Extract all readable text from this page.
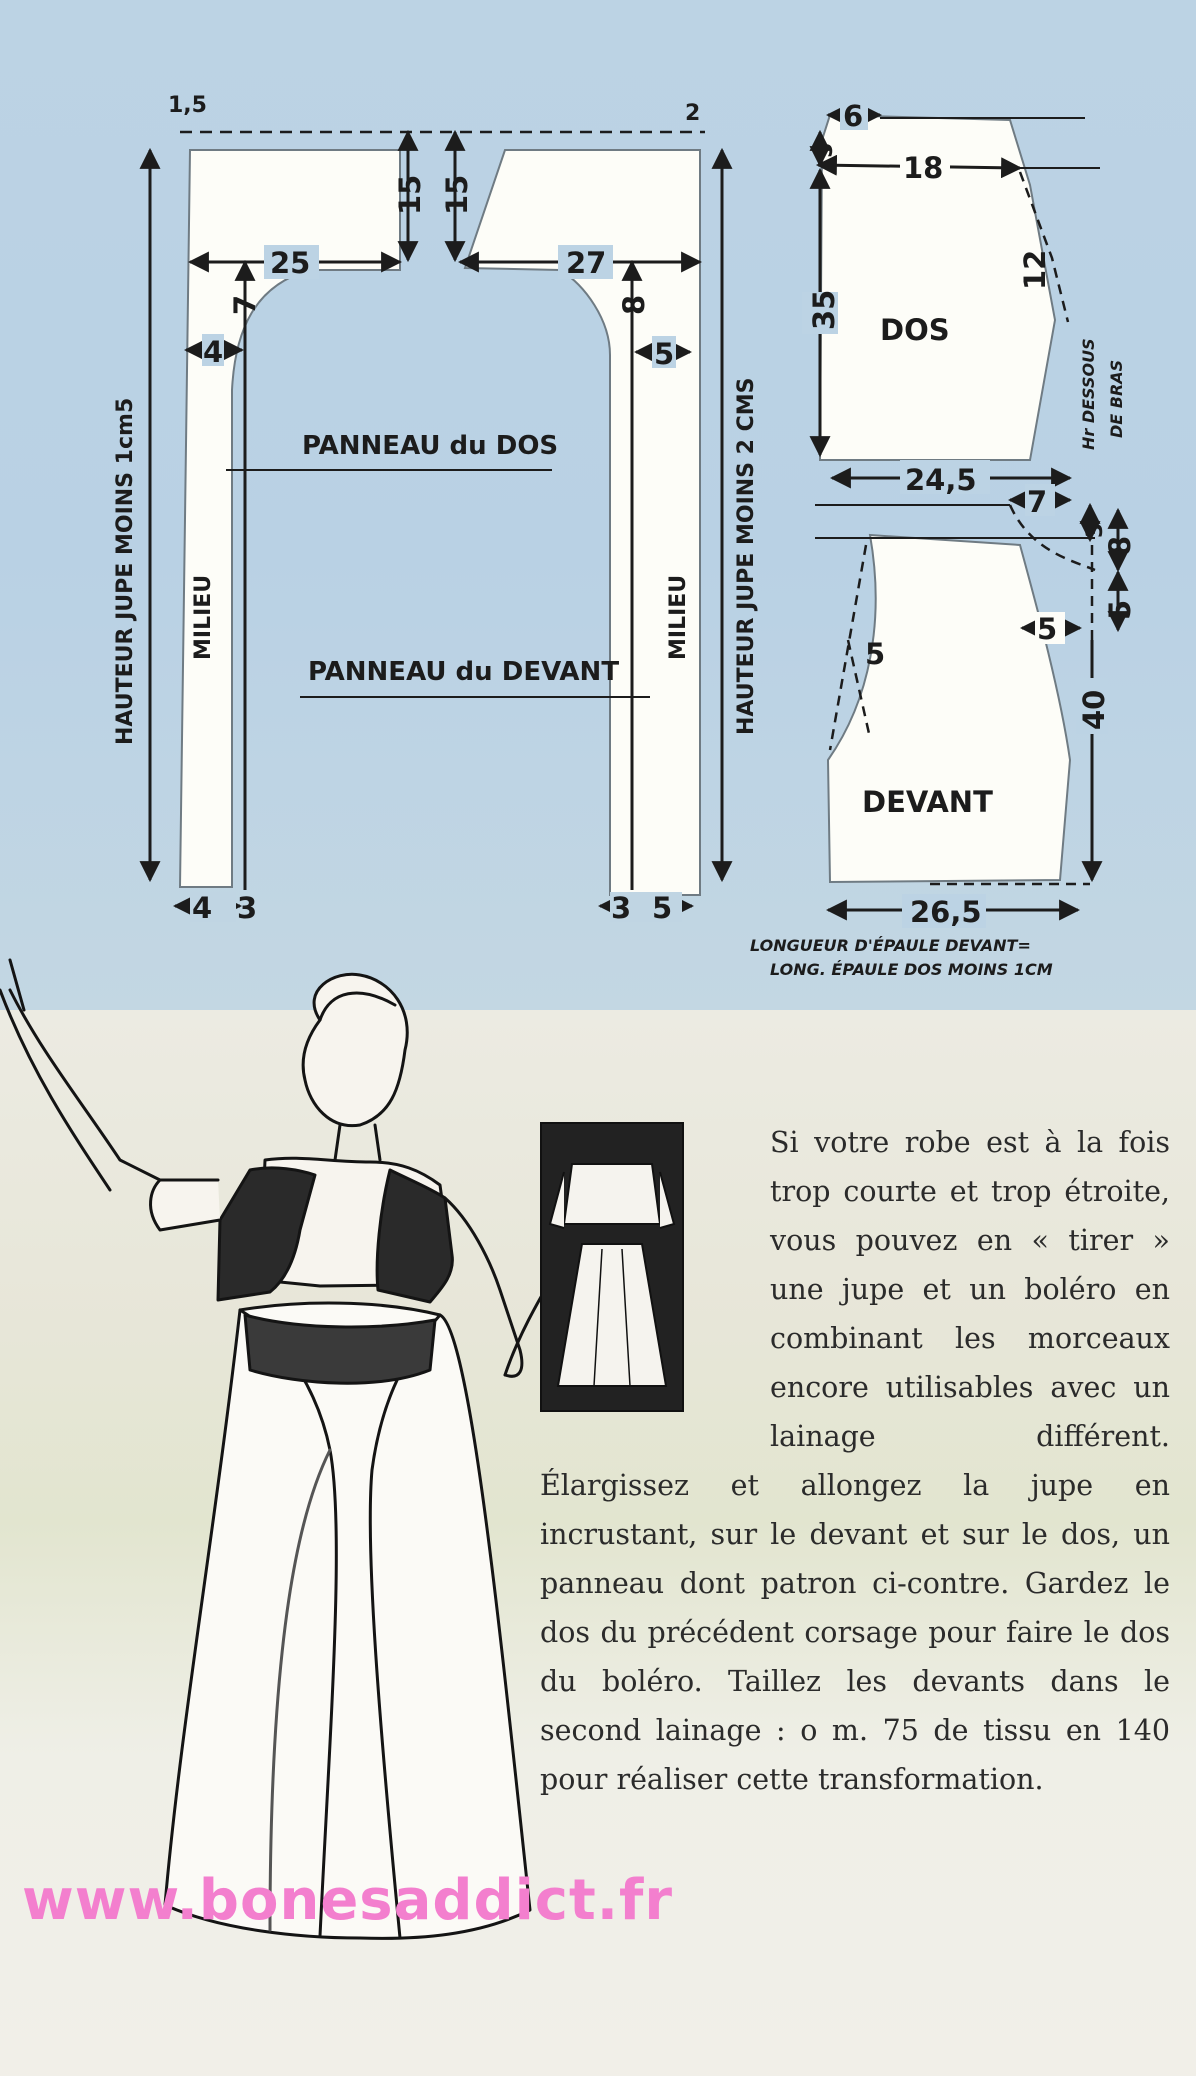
1,5	2
HAUTEUR JUPE MOINS 1cm5	HAUTEUR JUPE MOINS 2 CMS
15 15
25	27
7	8
4	5
PANNEAU du DOS
PANNEAU du DEVANT
MILIEU	MILIEU
4 3	3 5
6
18
5
35
12
DOS
Hr DESSOUS DE BRAS
24,5
7
3
8
5
5
5
40
DEVANT
26,5
LONGUEUR D'ÉPAULE DEVANT=
LONG. ÉPAULE DOS MOINS 1CM

Si votre robe est à la fois trop courte et trop étroite, vous pouvez en « tirer » une jupe et un boléro en combinant les morceaux encore utilisables avec un lainage différent. Élargissez et allongez la jupe en incrustant, sur le devant et sur le dos, un panneau dont patron ci-contre. Gardez le dos du précédent corsage pour faire le dos du boléro. Taillez les devants dans le second lainage : o m. 75 de tissu en 140 pour réaliser cette transformation.

www.bonesaddict.fr
